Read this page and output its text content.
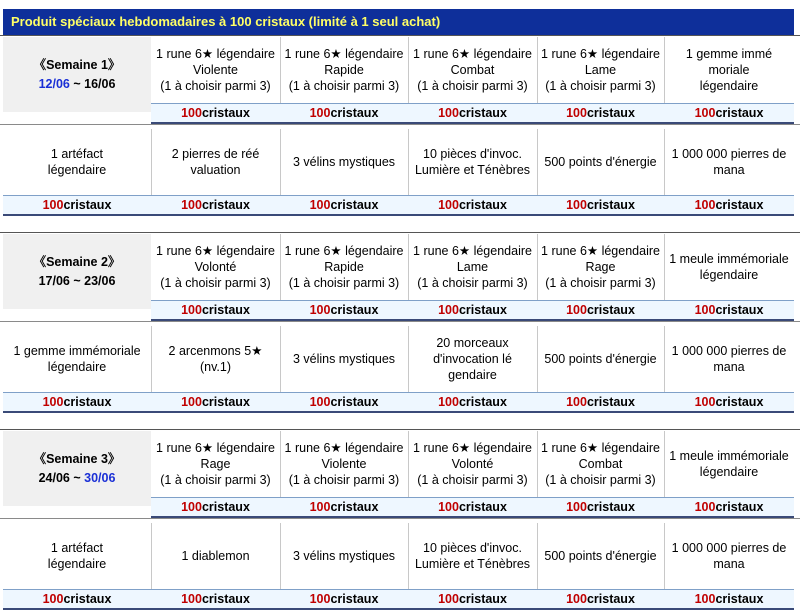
Produit spéciaux hebdomadaires à 100 cristaux (limité à 1 seul achat)
《Semaine 1》
12/06 ~ 16/06
1 rune 6★ légendaire
Violente
(1 à choisir parmi 3)
100 cristaux
1 rune 6★ légendaire
Rapide
(1 à choisir parmi 3)
100 cristaux
1 rune 6★ légendaire
Combat
(1 à choisir parmi 3)
100 cristaux
1 rune 6★ légendaire
Lame
(1 à choisir parmi 3)
100 cristaux
1 gemme immé
moriale
légendaire
100 cristaux
1 artéfact
légendaire
100 cristaux
2 pierres de réé
valuation
100 cristaux
3 vélins mystiques
100 cristaux
10 pièces d'invoc.
Lumière et Ténèbres
100 cristaux
500 points d'énergie
100 cristaux
1 000 000 pierres de
mana
100 cristaux
《Semaine 2》
17/06 ~ 23/06
1 rune 6★ légendaire
Volonté
(1 à choisir parmi 3)
100 cristaux
1 rune 6★ légendaire
Rapide
(1 à choisir parmi 3)
100 cristaux
1 rune 6★ légendaire
Lame
(1 à choisir parmi 3)
100 cristaux
1 rune 6★ légendaire
Rage
(1 à choisir parmi 3)
100 cristaux
1 meule immémoriale
légendaire
100 cristaux
1 gemme immémoriale
légendaire
100 cristaux
2 arcenmons 5★
(nv.1)
100 cristaux
3 vélins mystiques
100 cristaux
20 morceaux
d'invocation lé
gendaire
100 cristaux
500 points d'énergie
100 cristaux
1 000 000 pierres de
mana
100 cristaux
《Semaine 3》
24/06 ~ 30/06
1 rune 6★ légendaire
Rage
(1 à choisir parmi 3)
100 cristaux
1 rune 6★ légendaire
Violente
(1 à choisir parmi 3)
100 cristaux
1 rune 6★ légendaire
Volonté
(1 à choisir parmi 3)
100 cristaux
1 rune 6★ légendaire
Combat
(1 à choisir parmi 3)
100 cristaux
1 meule immémoriale
légendaire
100 cristaux
1 artéfact
légendaire
100 cristaux
1 diablemon
100 cristaux
3 vélins mystiques
100 cristaux
10 pièces d'invoc.
Lumière et Ténèbres
100 cristaux
500 points d'énergie
100 cristaux
1 000 000 pierres de
mana
100 cristaux
